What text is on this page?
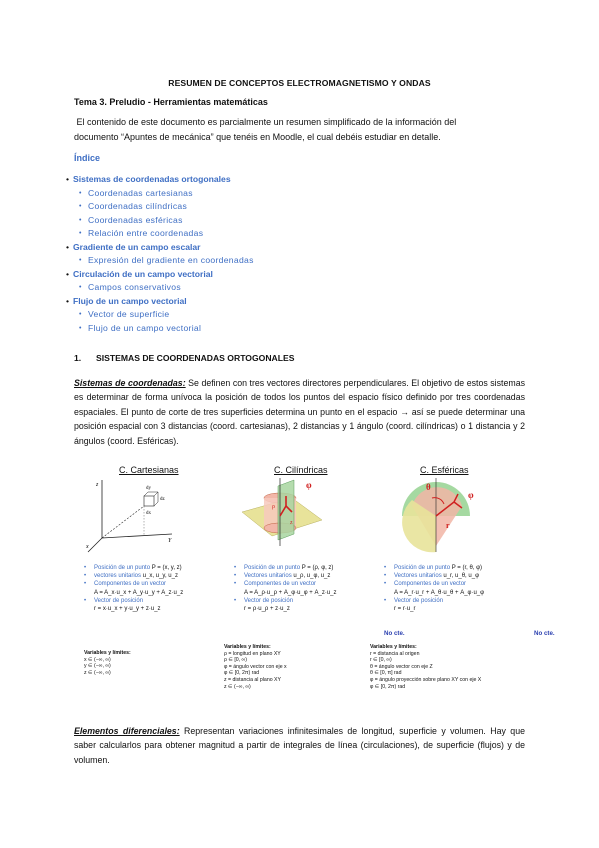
RESUMEN DE CONCEPTOS ELECTROMAGNETISMO Y ONDAS
Tema 3. Preludio - Herramientas matemáticas
El contenido de este documento es parcialmente un resumen simplificado de la información del
documento “Apuntes de mecánica” que tenéis en Moodle, el cual debéis estudiar en detalle.
Índice
• Sistemas de coordenadas ortogonales
• Coordenadas cartesianas
• Coordenadas cilíndricas
• Coordenadas esféricas
• Relación entre coordenadas
• Gradiente de un campo escalar
• Expresión del gradiente en coordenadas
• Circulación de un campo vectorial
• Campos conservativos
• Flujo de un campo vectorial
• Vector de superficie
• Flujo de un campo vectorial
1. SISTEMAS DE COORDENADAS ORTOGONALES
Sistemas de coordenadas: Se definen con tres vectores directores perpendiculares. El objetivo de estos sistemas es determinar de forma unívoca la posición de todos los puntos del espacio físico definido por tres coordenadas espaciales. El punto de corte de tres superficies determina un punto en el espacio → así se puede determinar una posición espacial con 3 distancias (coord. cartesianas), 2 distancias y 1 ángulo (coord. cilíndricas) o 1 distancia y 2 ángulos (coord. Esféricas).
C. Cartesianas	C. Cilíndricas	C. Esféricas
z
Y
x
dz
dy
dx
φ
ρ
z
θ
φ
r
• Posición de un punto P = (x, y, z)
• vectores unitarios u_x, u_y, u_z
• Componentes de un vector
A = A_x·u_x + A_y·u_y + A_z·u_z
• Vector de posición
r = x·u_x + y·u_y + z·u_z
• Posición de un punto P = (ρ, φ, z)
• Vectores unitarios u_ρ, u_φ, u_z
• Componentes de un vector
A = A_ρ·u_ρ + A_φ·u_φ + A_z·u_z
• Vector de posición
r = ρ·u_ρ + z·u_z
• Posición de un punto P = (r, θ, φ)
• Vectores unitarios u_r, u_θ, u_φ
• Componentes de un vector
A = A_r·u_r + A_θ·u_θ + A_φ·u_φ
• Vector de posición
r = r·u_r
No cte.	No cte.
Variables y límites:
x ∈ (−∞, ∞)
y ∈ (−∞, ∞)
z ∈ (−∞, ∞)
Variables y límites:
ρ = longitud en plano XY
ρ ∈ [0, ∞)
φ = ángulo vector con eje x
φ ∈ [0, 2π) rad
z = distancia al plano XY
z ∈ (−∞, ∞)
Variables y límites:
r = distancia al origen
r ∈ [0, ∞)
θ = ángulo vector con eje Z
θ ∈ [0, π] rad
φ = ángulo proyección sobre plano XY con eje X
φ ∈ [0, 2π) rad
Elementos diferenciales: Representan variaciones infinitesimales de longitud, superficie y volumen. Hay que saber calcularlos para obtener magnitud a partir de integrales de línea (circulaciones), de superficie (flujos) y de volumen.
